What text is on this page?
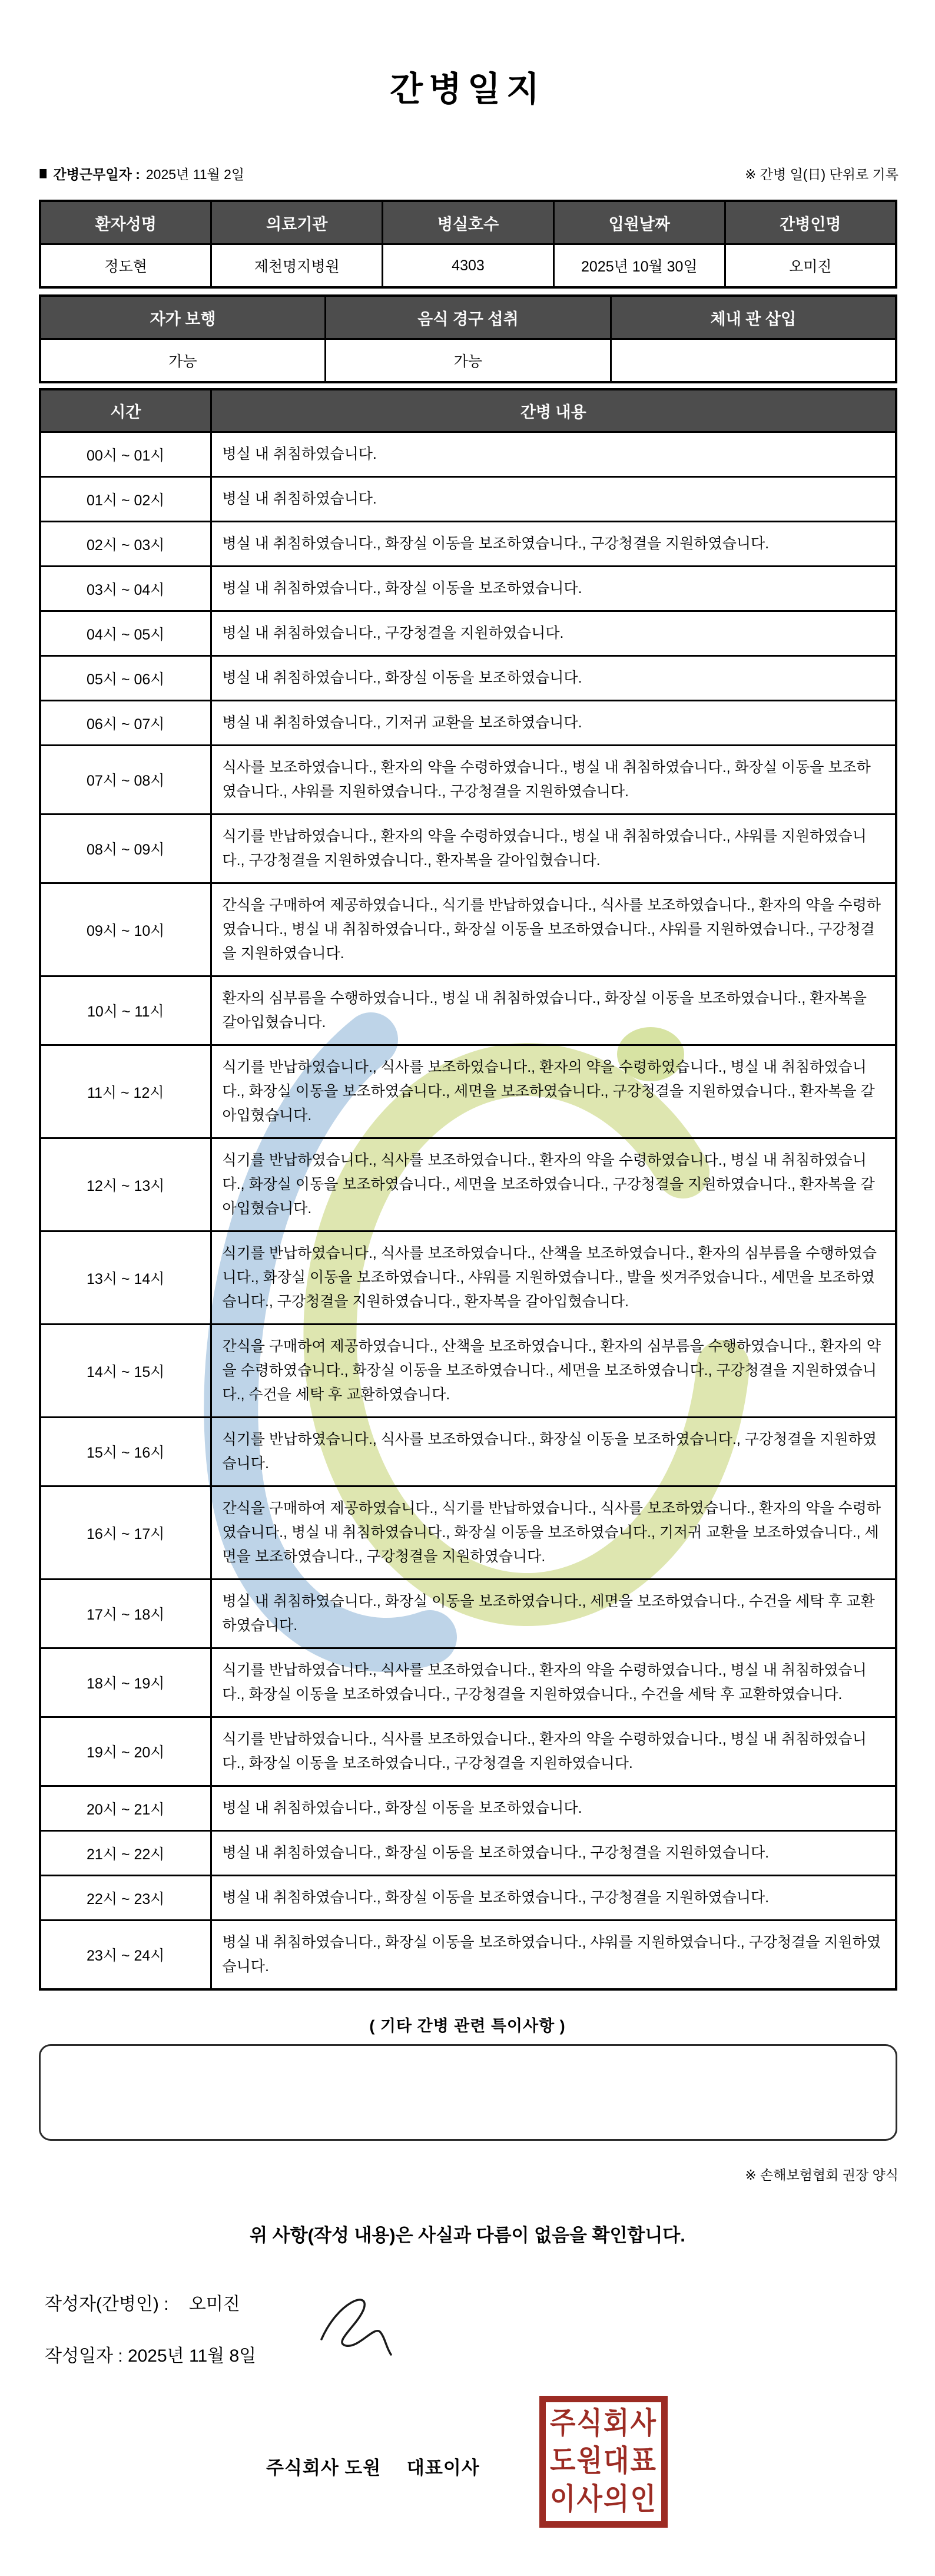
간병일지
■ 간병근무일자 : 2025년 11월 2일	※ 간병 일(日) 단위로 기록
환자성명	의료기관	병실호수	입원날짜	간병인명
정도현	제천명지병원	4303	2025년 10월 30일	오미진
자가 보행	음식 경구 섭취	체내 관 삽입
가능	가능	
시간	간병 내용
00시 ~ 01시	병실 내 취침하였습니다.
01시 ~ 02시	병실 내 취침하였습니다.
02시 ~ 03시	병실 내 취침하였습니다., 화장실 이동을 보조하였습니다., 구강청결을 지원하였습니다.
03시 ~ 04시	병실 내 취침하였습니다., 화장실 이동을 보조하였습니다.
04시 ~ 05시	병실 내 취침하였습니다., 구강청결을 지원하였습니다.
05시 ~ 06시	병실 내 취침하였습니다., 화장실 이동을 보조하였습니다.
06시 ~ 07시	병실 내 취침하였습니다., 기저귀 교환을 보조하였습니다.
07시 ~ 08시	식사를 보조하였습니다., 환자의 약을 수령하였습니다., 병실 내 취침하였습니다., 화장실 이동을 보조하였습니다., 샤워를 지원하였습니다., 구강청결을 지원하였습니다.
08시 ~ 09시	식기를 반납하였습니다., 환자의 약을 수령하였습니다., 병실 내 취침하였습니다., 샤워를 지원하였습니다., 구강청결을 지원하였습니다., 환자복을 갈아입혔습니다.
09시 ~ 10시	간식을 구매하여 제공하였습니다., 식기를 반납하였습니다., 식사를 보조하였습니다., 환자의 약을 수령하였습니다., 병실 내 취침하였습니다., 화장실 이동을 보조하였습니다., 샤워를 지원하였습니다., 구강청결을 지원하였습니다.
10시 ~ 11시	환자의 심부름을 수행하였습니다., 병실 내 취침하였습니다., 화장실 이동을 보조하였습니다., 환자복을 갈아입혔습니다.
11시 ~ 12시	식기를 반납하였습니다., 식사를 보조하였습니다., 환자의 약을 수령하였습니다., 병실 내 취침하였습니다., 화장실 이동을 보조하였습니다., 세면을 보조하였습니다., 구강청결을 지원하였습니다., 환자복을 갈아입혔습니다.
12시 ~ 13시	식기를 반납하였습니다., 식사를 보조하였습니다., 환자의 약을 수령하였습니다., 병실 내 취침하였습니다., 화장실 이동을 보조하였습니다., 세면을 보조하였습니다., 구강청결을 지원하였습니다., 환자복을 갈아입혔습니다.
13시 ~ 14시	식기를 반납하였습니다., 식사를 보조하였습니다., 산책을 보조하였습니다., 환자의 심부름을 수행하였습니다., 화장실 이동을 보조하였습니다., 샤워를 지원하였습니다., 발을 씻겨주었습니다., 세면을 보조하였습니다., 구강청결을 지원하였습니다., 환자복을 갈아입혔습니다.
14시 ~ 15시	간식을 구매하여 제공하였습니다., 산책을 보조하였습니다., 환자의 심부름을 수행하였습니다., 환자의 약을 수령하였습니다., 화장실 이동을 보조하였습니다., 세면을 보조하였습니다., 구강청결을 지원하였습니다., 수건을 세탁 후 교환하였습니다.
15시 ~ 16시	식기를 반납하였습니다., 식사를 보조하였습니다., 화장실 이동을 보조하였습니다., 구강청결을 지원하였습니다.
16시 ~ 17시	간식을 구매하여 제공하였습니다., 식기를 반납하였습니다., 식사를 보조하였습니다., 환자의 약을 수령하였습니다., 병실 내 취침하였습니다., 화장실 이동을 보조하였습니다., 기저귀 교환을 보조하였습니다., 세면을 보조하였습니다., 구강청결을 지원하였습니다.
17시 ~ 18시	병실 내 취침하였습니다., 화장실 이동을 보조하였습니다., 세면을 보조하였습니다., 수건을 세탁 후 교환하였습니다.
18시 ~ 19시	식기를 반납하였습니다., 식사를 보조하였습니다., 환자의 약을 수령하였습니다., 병실 내 취침하였습니다., 화장실 이동을 보조하였습니다., 구강청결을 지원하였습니다., 수건을 세탁 후 교환하였습니다.
19시 ~ 20시	식기를 반납하였습니다., 식사를 보조하였습니다., 환자의 약을 수령하였습니다., 병실 내 취침하였습니다., 화장실 이동을 보조하였습니다., 구강청결을 지원하였습니다.
20시 ~ 21시	병실 내 취침하였습니다., 화장실 이동을 보조하였습니다.
21시 ~ 22시	병실 내 취침하였습니다., 화장실 이동을 보조하였습니다., 구강청결을 지원하였습니다.
22시 ~ 23시	병실 내 취침하였습니다., 화장실 이동을 보조하였습니다., 구강청결을 지원하였습니다.
23시 ~ 24시	병실 내 취침하였습니다., 화장실 이동을 보조하였습니다., 샤워를 지원하였습니다., 구강청결을 지원하였습니다.
( 기타 간병 관련 특이사항 )
※ 손해보험협회 권장 양식
위 사항(작성 내용)은 사실과 다름이 없음을 확인합니다.
작성자(간병인) : 오미진
작성일자 : 2025년 11월 8일
주식회사 도원 대표이사
주식회사
도원대표
이사의인
